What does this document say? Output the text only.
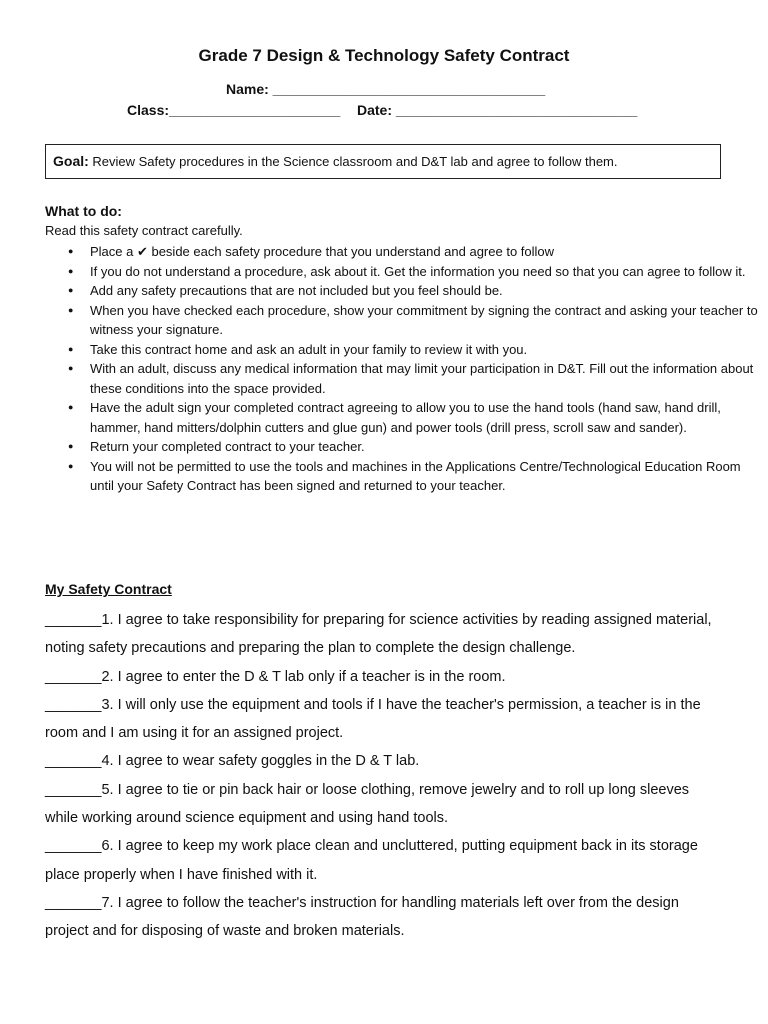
Grade 7 Design & Technology Safety Contract
Name: ___________________________________
Class:______________________ Date: _______________________________
Goal: Review Safety procedures in the Science classroom and D&T lab and agree to follow them.
What to do:
Read this safety contract carefully.
● Place a ✔ beside each safety procedure that you understand and agree to follow
● If you do not understand a procedure, ask about it. Get the information you need so that you can agree to follow it.
● Add any safety precautions that are not included but you feel should be.
● When you have checked each procedure, show your commitment by signing the contract and asking your teacher to witness your signature.
● Take this contract home and ask an adult in your family to review it with you.
● With an adult, discuss any medical information that may limit your participation in D&T. Fill out the information about these conditions into the space provided.
● Have the adult sign your completed contract agreeing to allow you to use the hand tools (hand saw, hand drill, hammer, hand mitters/dolphin cutters and glue gun) and power tools (drill press, scroll saw and sander).
● Return your completed contract to your teacher.
● You will not be permitted to use the tools and machines in the Applications Centre/Technological Education Room until your Safety Contract has been signed and returned to your teacher.
My Safety Contract

_______1. I agree to take responsibility for preparing for science activities by reading assigned material, noting safety precautions and preparing the plan to complete the design challenge.

_______2. I agree to enter the D & T lab only if a teacher is in the room.

_______3. I will only use the equipment and tools if I have the teacher's permission, a teacher is in the room and I am using it for an assigned project.

_______4. I agree to wear safety goggles in the D & T lab.

_______5. I agree to tie or pin back hair or loose clothing, remove jewelry and to roll up long sleeves while working around science equipment and using hand tools.

_______6. I agree to keep my work place clean and uncluttered, putting equipment back in its storage place properly when I have finished with it.

_______7. I agree to follow the teacher's instruction for handling materials left over from the design project and for disposing of waste and broken materials.
